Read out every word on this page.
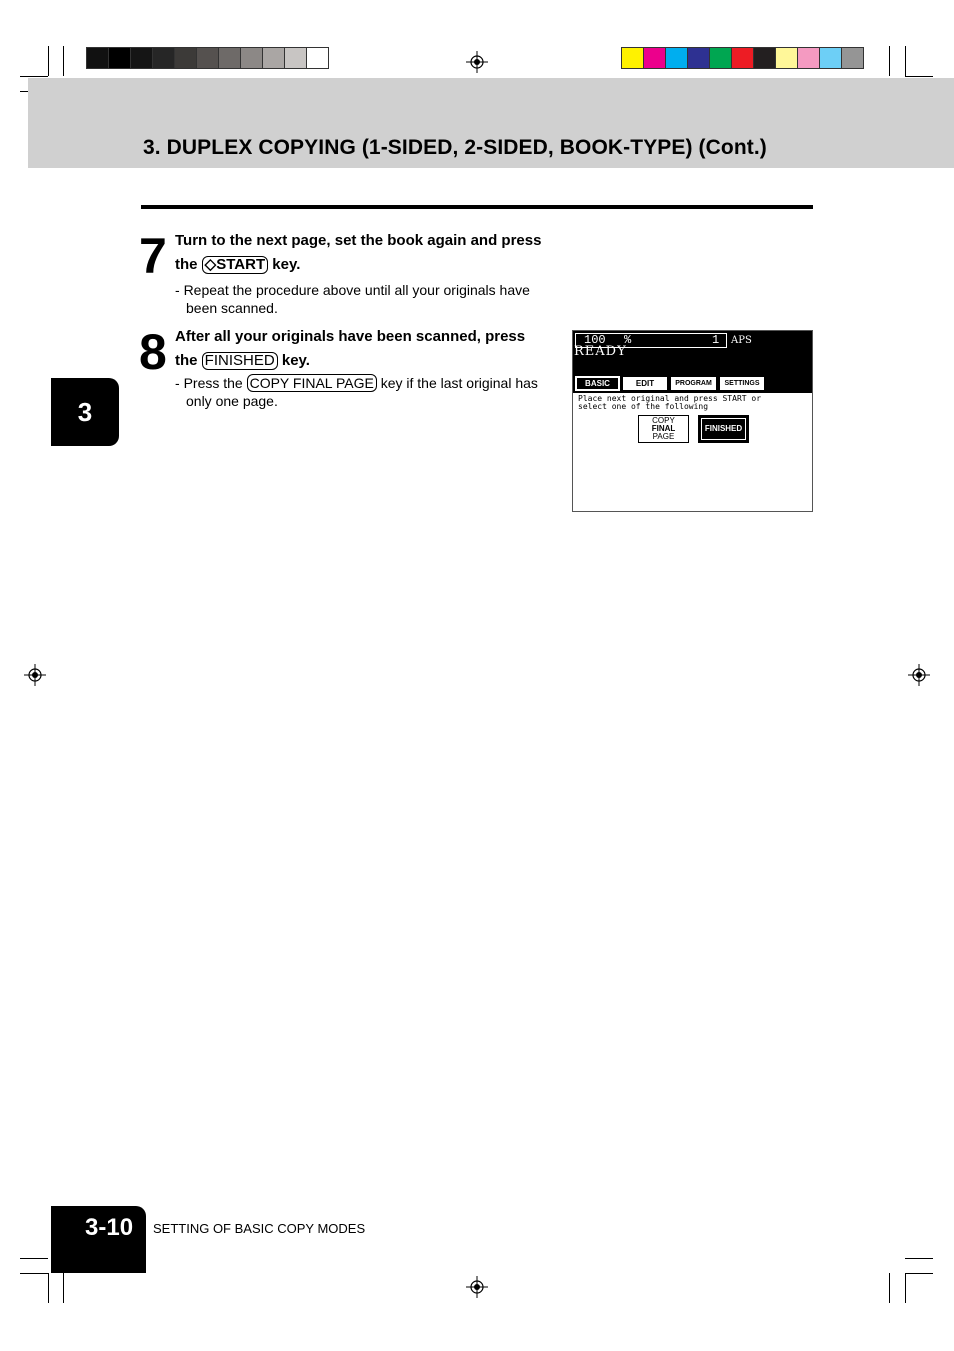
3. DUPLEX COPYING (1-SIDED, 2-SIDED, BOOK-TYPE) (Cont.)
7 Turn to the next page, set the book again and press
the ◇START key.
- Repeat the procedure above until all your originals have
been scanned.
8 After all your originals have been scanned, press
the FINISHED key.
- Press the COPY FINAL PAGE key if the last original has
only one page.
100 %	1 APS
READY
BASIC	EDIT	PROGRAM	SETTINGS
Place next original and press START or
select one of the following
COPY
FINAL
PAGE
FINISHED
3
3-10	SETTING OF BASIC COPY MODES
